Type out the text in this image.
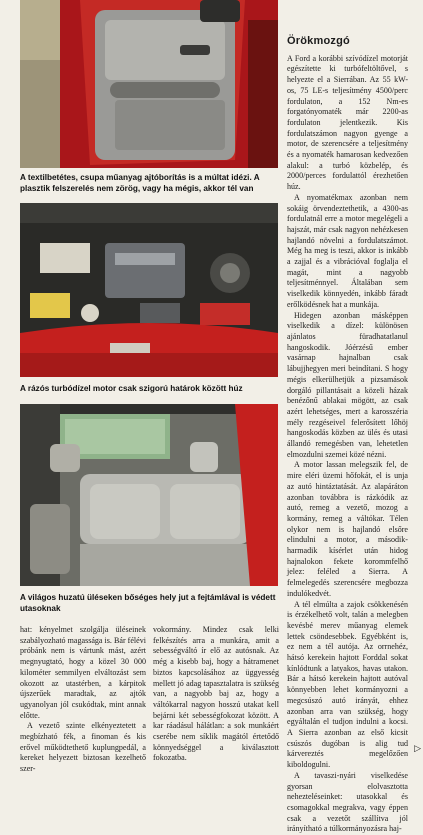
A textilbetétes, csupa műanyag ajtóborítás is a múltat idézi. A plasztik felszerelés nem zörög, vagy ha mégis, akkor tél van
A rázós turbódízel motor csak szigorú határok között húz
A világos huzatú üléseken bőséges hely jut a fejtámlával is védett utasoknak
Örökmozgó

A Ford a korábbi szívódízel motorját egészítette ki turbófeltöltővel, s helyezte el a Sierrában. Az 55 kW-os, 75 LE-s teljesítmény 4500/perc fordulaton, a 152 Nm-es forgatónyomaték már 2200-as fordulaton jelentkezik. Kis fordulatszámon nagyon gyenge a motor, de szerencsére a teljesítmény és a nyomaték hamarosan kedvezően alakul: a turbó közbelép, és 2000/perces fordulattól érezhetően húz.

A nyomatékmax azonban nem sokáig örvendeztethetik, a 4300-as fordulatnál erre a motor megelégeli a hajszát, már csak nagyon nehézkesen hajlandó növelni a fordulatszámot. Még ha meg is teszi, akkor is inkább a zajjal és a vibrációval foglalja el magát, mint a nagyobb teljesítménnyel. Általában sem viselkedik könnyedén, inkább fáradt erőlködésnek hat a munkája.

Hidegen azonban másképpen viselkedik a dízel: különösen ajánlatos füradhatatlanul hangoskodik. Jóérzésű ember vasárnap hajnalban csak lábujjhegyen meri beindítani. S hogy mégis elkerülhetjük a pizsamások dorgáló pillantásait a közeli házak benézőnű ablakai mögött, az csak azért lehetséges, mert a karosszéria mély rezgéseivel felerősített lőhöj hangoskodás közben az ülés és utasi állandó remegésben van, lehetetlen elmozdulni szemei közé nézni.

A motor lassan melegszik fel, de mire eléri üzemi hőfokát, el is unja az autó hintáztatását. Az alapáráton azonban továbbra is rázkódik az autó, remeg a vezető, mozog a kormány, remeg a váltókar. Télen olykor nem is hajlandó elsőre elindulni a motor, a második-harmadik kísérlet után hidog hajnalokon fekete korommfelhő jelez: feléled a Sierra. A felmelegedés szerencsére megbozza indulókedvét.

A tél elmúlta a zajok csökkenésén is érzékelhető volt, talán a melegben kevésbé merev műanyag elemek lettek csöndesebbek. Egyébként is, ez nem a tél autója. Az orrnehéz, hátsó kerekein hajtott Forddal sokat kínlódtunk a latyakos, havas utakon. Bár a hátsó kerekein hajtott autóval könnyebben lehet kormányozni a megcsúszó autó irányát, ehhez azonban arra van szükség, hogy egyáltalán el tudjon indulni a kocsi. A Sierra azonban az első kicsit csúszós dugóban is alig tud kárvereztés megelőzően kiboldogulni.

A tavaszi-nyári viselkedése gyorsan elolvasztotta nehezteléseinket: utasokkal és csomagokkal megrakva, vagy éppen csak a vezetőt szállítva jól irányítható a túlkormányozásra haj-

hat: kényelmet szolgálja üléseinek szabályozható magassága is. Bár félévi próbánk nem is vártunk mást, azért megnyugtató, hogy a közel 30 000 kilométer semmilyen elváltozást sem okozott az utastérben, a kárpitok újszerűek maradtak, az ajtók ugyanolyan jól csukódtak, mint annak előtte.

A vezető szinte elkényeztetett a megbízható fék, a finoman és kis erővel működtethető kuplungpedál, a kereket helyezett biztosan kezelhető szer-

vokormány. Mindez csak lelki felkészítés arra a munkára, amit a sebességváltó ír elő az autósnak. Az még a kisebb baj, hogy a hátramenet biztos kapcsolásához az üggyesség mellett jó adag tapasztalatra is szükség van, a nagyobb baj az, hogy a váltókarral nagyon hosszú utakat kell bejárni két sebességfokozat között. A kar ráadásul hálátlan: a sok munkáért cserébe nem síklik magától értetődő könnyedséggel a kiválasztott fokozatba.

▷
